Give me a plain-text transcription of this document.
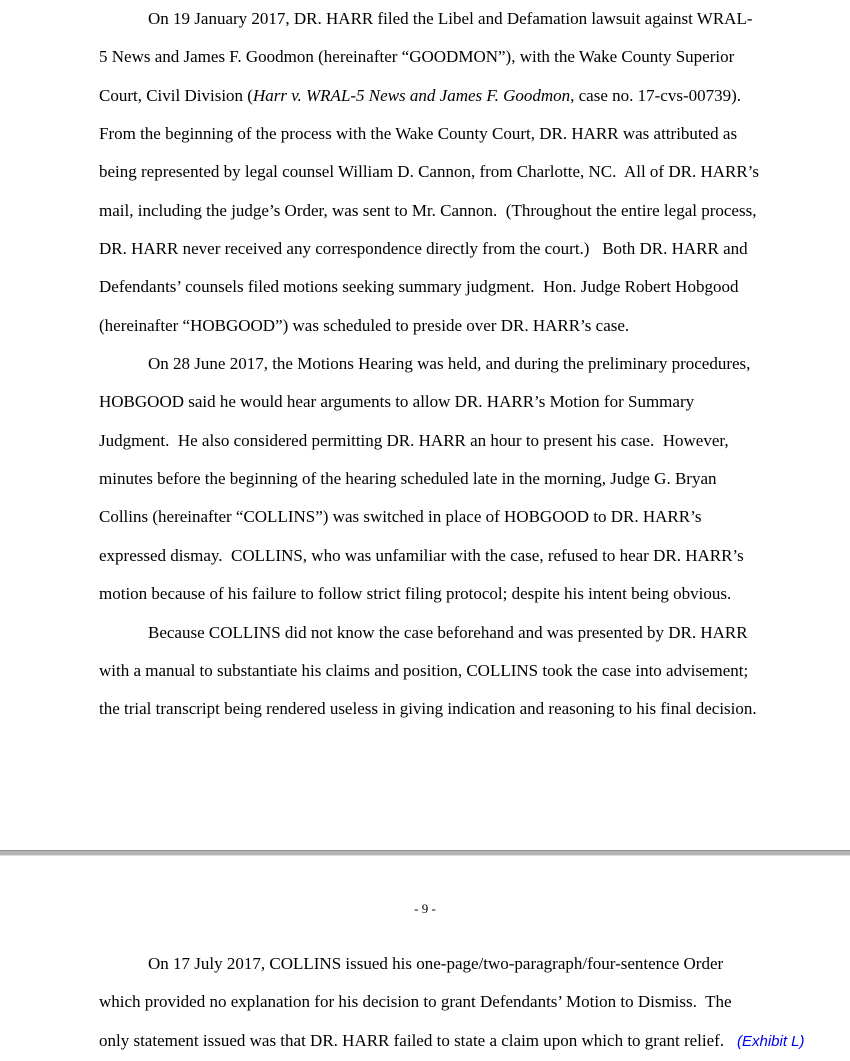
On 19 January 2017, DR. HARR filed the Libel and Defamation lawsuit against WRAL-
5 News and James F. Goodmon (hereinafter “GOODMON”), with the Wake County Superior
Court, Civil Division (Harr v. WRAL-5 News and James F. Goodmon, case no. 17-cvs-00739).
From the beginning of the process with the Wake County Court, DR. HARR was attributed as
being represented by legal counsel William D. Cannon, from Charlotte, NC.  All of DR. HARR’s
mail, including the judge’s Order, was sent to Mr. Cannon.  (Throughout the entire legal process,
DR. HARR never received any correspondence directly from the court.)   Both DR. HARR and
Defendants’ counsels filed motions seeking summary judgment.  Hon. Judge Robert Hobgood
(hereinafter “HOBGOOD”) was scheduled to preside over DR. HARR’s case.
On 28 June 2017, the Motions Hearing was held, and during the preliminary procedures,
HOBGOOD said he would hear arguments to allow DR. HARR’s Motion for Summary
Judgment.  He also considered permitting DR. HARR an hour to present his case.  However,
minutes before the beginning of the hearing scheduled late in the morning, Judge G. Bryan
Collins (hereinafter “COLLINS”) was switched in place of HOBGOOD to DR. HARR’s
expressed dismay.  COLLINS, who was unfamiliar with the case, refused to hear DR. HARR’s
motion because of his failure to follow strict filing protocol; despite his intent being obvious.
Because COLLINS did not know the case beforehand and was presented by DR. HARR
with a manual to substantiate his claims and position, COLLINS took the case into advisement;
the trial transcript being rendered useless in giving indication and reasoning to his final decision.
- 9 -
On 17 July 2017, COLLINS issued his one-page/two-paragraph/four-sentence Order
which provided no explanation for his decision to grant Defendants’ Motion to Dismiss.  The
only statement issued was that DR. HARR failed to state a claim upon which to grant relief. (Exhibit L)
